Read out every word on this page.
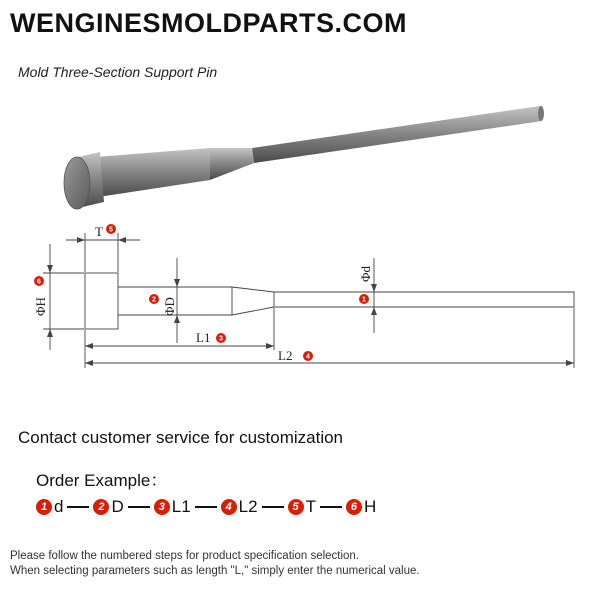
WENGINESMOLDPARTS.COM
Mold Three-Section Support Pin
T
ΦH
ΦD
Φd
L1
L2
5
6
2	1
3
4
Contact customer service for customization
Order Example：
1 d	2 D	3 L1	4 L2	5 T	6 H
Please follow the numbered steps for product specification selection.
When selecting parameters such as length "L," simply enter the numerical value.
